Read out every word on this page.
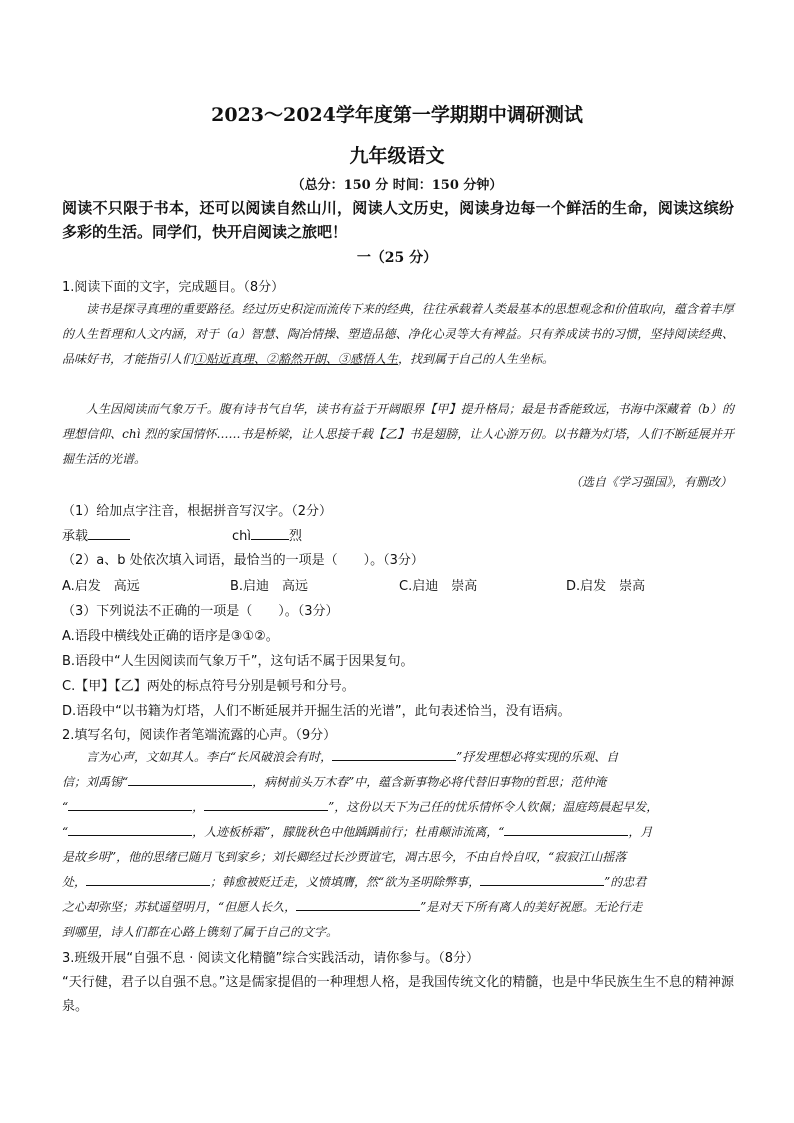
2023～2024学年度第一学期期中调研测试
九年级语文
（总分：150 分 时间：150 分钟）
阅读不只限于书本，还可以阅读自然山川，阅读人文历史，阅读身边每一个鲜活的生命，阅读这缤纷多彩的生活。同学们，快开启阅读之旅吧！
一（25 分）
1.阅读下面的文字，完成题目。（8分）
读书是探寻真理的重要路径。经过历史积淀而流传下来的经典，往往承载着人类最基本的思想观念和价值取向，蕴含着丰厚的人生哲理和人文内涵，对于（a）智慧、陶冶情操、塑造品德、净化心灵等大有裨益。只有养成读书的习惯，坚持阅读经典、品味好书，才能指引人们①贴近真理、②豁然开朗、③感悟人生，找到属于自己的人生坐标。
人生因阅读而气象万千。腹有诗书气自华，读书有益于开阔眼界【甲】提升格局；最是书香能致远，书海中深藏着（b）的理想信仰、chì 烈的家国情怀……书是桥梁，让人思接千载【乙】书是翅膀，让人心游万仞。以书籍为灯塔，人们不断延展并开掘生活的光谱。
（选自《学习强国》，有删改）
（1）给加点字注音，根据拼音写汉字。（2分）
承载	chì	烈
（2）a、b 处依次填入词语，最恰当的一项是（　　）。（3分）
A.启发　高远	B.启迪　高远	C.启迪　崇高	D.启发　崇高
（3）下列说法不正确的一项是（　　）。（3分）
A.语段中横线处正确的语序是③①②。
B.语段中“人生因阅读而气象万千”，这句话不属于因果复句。
C.【甲】【乙】两处的标点符号分别是顿号和分号。
D.语段中“以书籍为灯塔，人们不断延展并开掘生活的光谱”，此句表述恰当，没有语病。
2.填写名句，阅读作者笔端流露的心声。（9分）
言为心声，文如其人。李白“长风破浪会有时，	”抒发理想必将实现的乐观、自
信；刘禹锡“	，病树前头万木春”中，蕴含新事物必将代替旧事物的哲思；范仲淹
“	，	”，这份以天下为己任的忧乐情怀令人钦佩；温庭筠晨起早发，
“	，人迹板桥霜”，朦胧秋色中他踽踽前行；杜甫颠沛流离，“	，月
是故乡明”，他的思绪已随月飞到家乡；刘长卿经过长沙贾谊宅，凋古思今，不由自怜自叹，“寂寂江山摇落
处，	；韩愈被贬迁走，义愤填膺，然“欲为圣明除弊事，	”的忠君
之心却弥坚；苏轼遥望明月，“但愿人长久，	”是对天下所有离人的美好祝愿。无论行走
到哪里，诗人们都在心路上镌刻了属于自己的文字。
3.班级开展“自强不息 · 阅读文化精髓”综合实践活动，请你参与。（8分）
“天行健，君子以自强不息。”这是儒家提倡的一种理想人格，是我国传统文化的精髓，也是中华民族生生不息的精神源泉。
